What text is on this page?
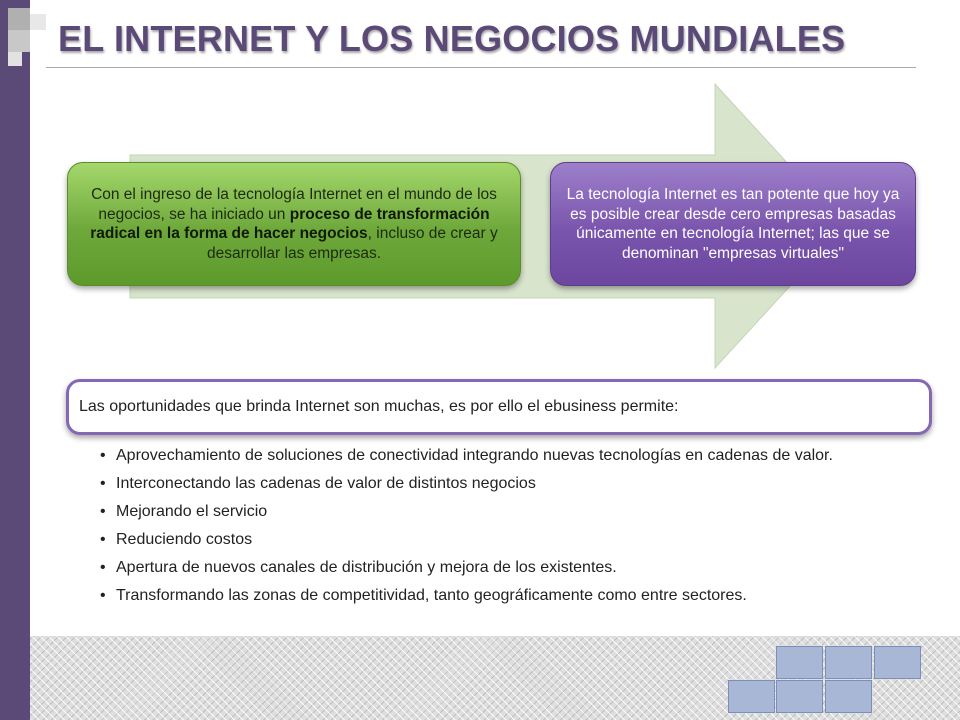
EL INTERNET Y LOS NEGOCIOS MUNDIALES
Con el ingreso de la tecnología Internet en el mundo de los negocios, se ha iniciado un proceso de transformación radical en la forma de hacer negocios, incluso de crear y desarrollar las empresas.
La tecnología Internet es tan potente que hoy ya es posible crear desde cero empresas basadas únicamente en tecnología Internet; las que se denominan "empresas virtuales"
Las oportunidades que brinda Internet son muchas, es por ello el ebusiness permite:
• Aprovechamiento de soluciones de conectividad integrando nuevas tecnologías en cadenas de valor.
• Interconectando las cadenas de valor de distintos negocios
• Mejorando el servicio
• Reduciendo costos
• Apertura de nuevos canales de distribución y mejora de los existentes.
• Transformando las zonas de competitividad, tanto geográficamente como entre sectores.
